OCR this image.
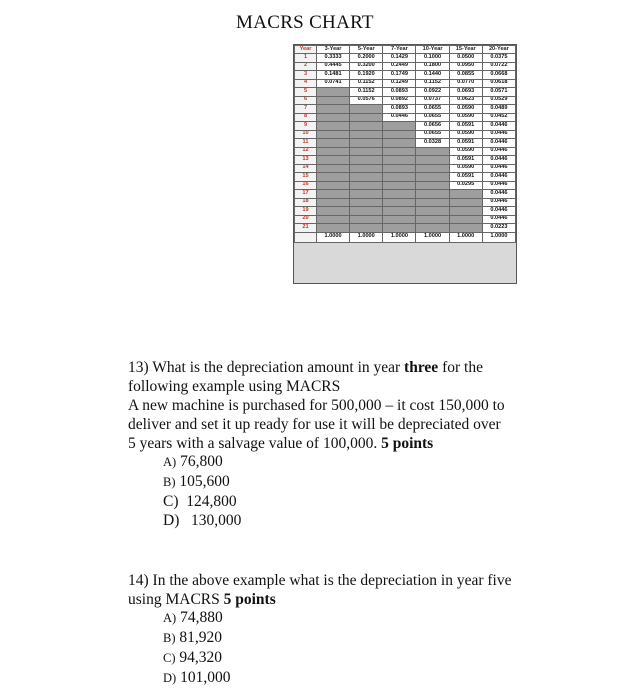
MACRS CHART
Year	3-Year	5-Year	7-Year	10-Year	15-Year	20-Year
1	0.3333	0.2000	0.1429	0.1000	0.0500	0.0375
2	0.4445	0.3200	0.2449	0.1800	0.0950	0.0722
3	0.1481	0.1920	0.1749	0.1440	0.0855	0.0668
4	0.0741	0.1152	0.1249	0.1152	0.0770	0.0618
5		0.1152	0.0893	0.0922	0.0693	0.0571
6		0.0576	0.0892	0.0737	0.0623	0.0529
7			0.0893	0.0655	0.0590	0.0489
8			0.0446	0.0655	0.0590	0.0452
9				0.0656	0.0591	0.0446
10				0.0655	0.0590	0.0446
11				0.0328	0.0591	0.0446
12					0.0590	0.0446
13					0.0591	0.0446
14					0.0590	0.0446
15					0.0591	0.0446
16					0.0295	0.0446
17						0.0446
18						0.0446
19						0.0446
20						0.0446
21						0.0223
	1.0000	1.0000	1.0000	1.0000	1.0000	1.0000
13) What is the depreciation amount in year three for the
following example using MACRS
A new machine is purchased for 500,000 – it cost 150,000 to
deliver and set it up ready for use it will be depreciated over
5 years with a salvage value of 100,000. 5 points
A) 76,800
B) 105,600
C) 124,800
D) 130,000
14) In the above example what is the depreciation in year five
using MACRS 5 points
A) 74,880
B) 81,920
C) 94,320
D) 101,000
